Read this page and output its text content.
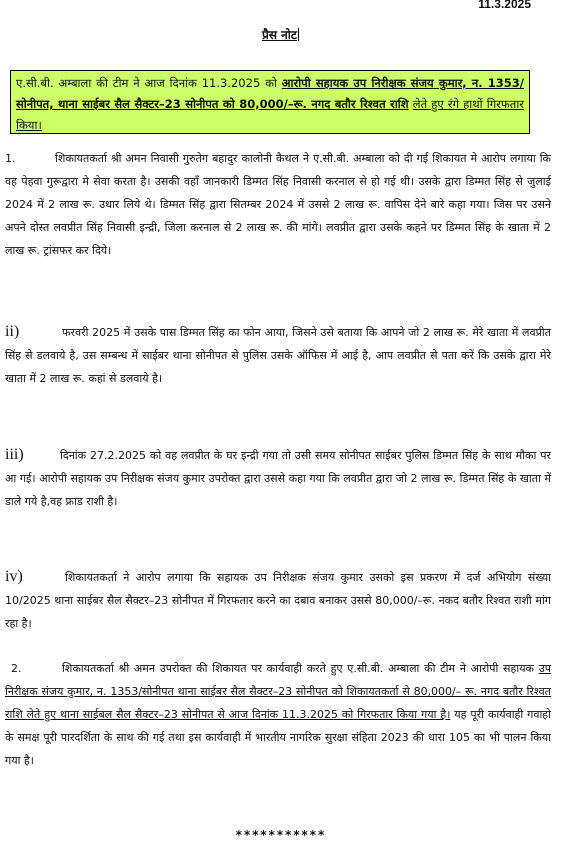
11.3.2025
प्रैस नोट
ए.सी.बी. अम्बाला की टीम ने आज दिनांक 11.3.2025 को आरोपी सहायक उप निरीक्षक संजय कुमार, न. 1353/सोनीपत, थाना साईबर सैल सैक्टर–23 सोनीपत को 80,000/–रू. नगद बतौर रिश्वत राशि लेते हुए रंगे हाथों गिरफतार किया।
1.	शिकायतकर्ता श्री अमन निवासी गुरुतेग बहादुर कालोनी कैथल ने ए.सी.बी. अम्बाला को दी गई शिकायत मे आरोप लगाया कि वह पेहवा गुरूद्वारा मे सेवा करता है। उसकी वहाँ जानकारी डिम्मत सिंह निवासी करनाल से हो गई थी। उसके द्वारा डिम्मत सिंह से जुलाई 2024 में 2 लाख रू. उधार लिये थे। डिम्मत सिंह द्वारा सितम्बर 2024 में उससे 2 लाख रू. वापिस देने बारे कहा गया। जिस पर उसने अपने दोस्त लवप्रीत सिंह निवासी इन्द्री, जिला करनाल से 2 लाख रू. की मांगे। लवप्रीत द्वारा उसके कहने पर डिम्मत सिंह के खाता में 2 लाख रू. ट्रांसफर कर दिये।
ii)	फरवरी 2025 में उसके पास डिम्मत सिंह का फोन आया, जिसने उसे बताया कि आपने जो 2 लाख रू. मेरे खाता में लवप्रीत सिंह से डलवाये है, उस सम्बन्ध में साईबर थाना सोनीपत से पुलिस उसके ऑफिस में आई है, आप लवप्रीत से पता करें कि उसके द्वारा मेरे खाता में 2 लाख रू. कहां से डलवाये है।
iii)	दिनांक 27.2.2025 को वह लवप्रीत के घर इन्द्री गया तो उसी समय सोनीपत साईबर पुलिस डिम्मत सिंह के साथ मौका पर आ गई। आरोपी सहायक उप निरीक्षक संजय कुमार उपरोक्त द्वारा उससे कहा गया कि लवप्रीत द्वारा जो 2 लाख रू. डिम्मत सिंह के खाता में डाले गये है,वह फ्राड राशी है।
iv)	शिकायतकर्ता ने आरोप लगाया कि सहायक उप निरीक्षक संजय कुमार उसको इस प्रकरण में दर्ज अभियोग संख्या 10/2025 थाना साईबर सैल सैक्टर–23 सोनीपत में गिरफतार करने का दबाव बनाकर उससे 80,000/–रू. नकद बतौर रिश्वत राशी मांग रहा है।
2.	शिकायतकर्ता श्री अमन उपरोक्त की शिकायत पर कार्यवाही करते हुए ए.सी.बी. अम्बाला की टीम ने आरोपी सहायक उप निरीक्षक संजय कुमार, न. 1353/सोनीपत थाना साईबर सैल सैक्टर–23 सोनीपत को शिकायतकर्ता से 80,000/– रू. नगद बतौर रिश्वत राशि लेते हुए थाना साईबल सैल सैक्टर–23 सोनीपत से आज दिनांक 11.3.2025 को गिरफतार किया गया है। यह पूरी कार्यवाही गवाहो के समक्ष पूरी पारदर्शिता के साथ की गई तथा इस कार्यवाही में भारतीय नागरिक सुरक्षा संहिता 2023 की धारा 105 का भी पालन किया गया है।
***********
